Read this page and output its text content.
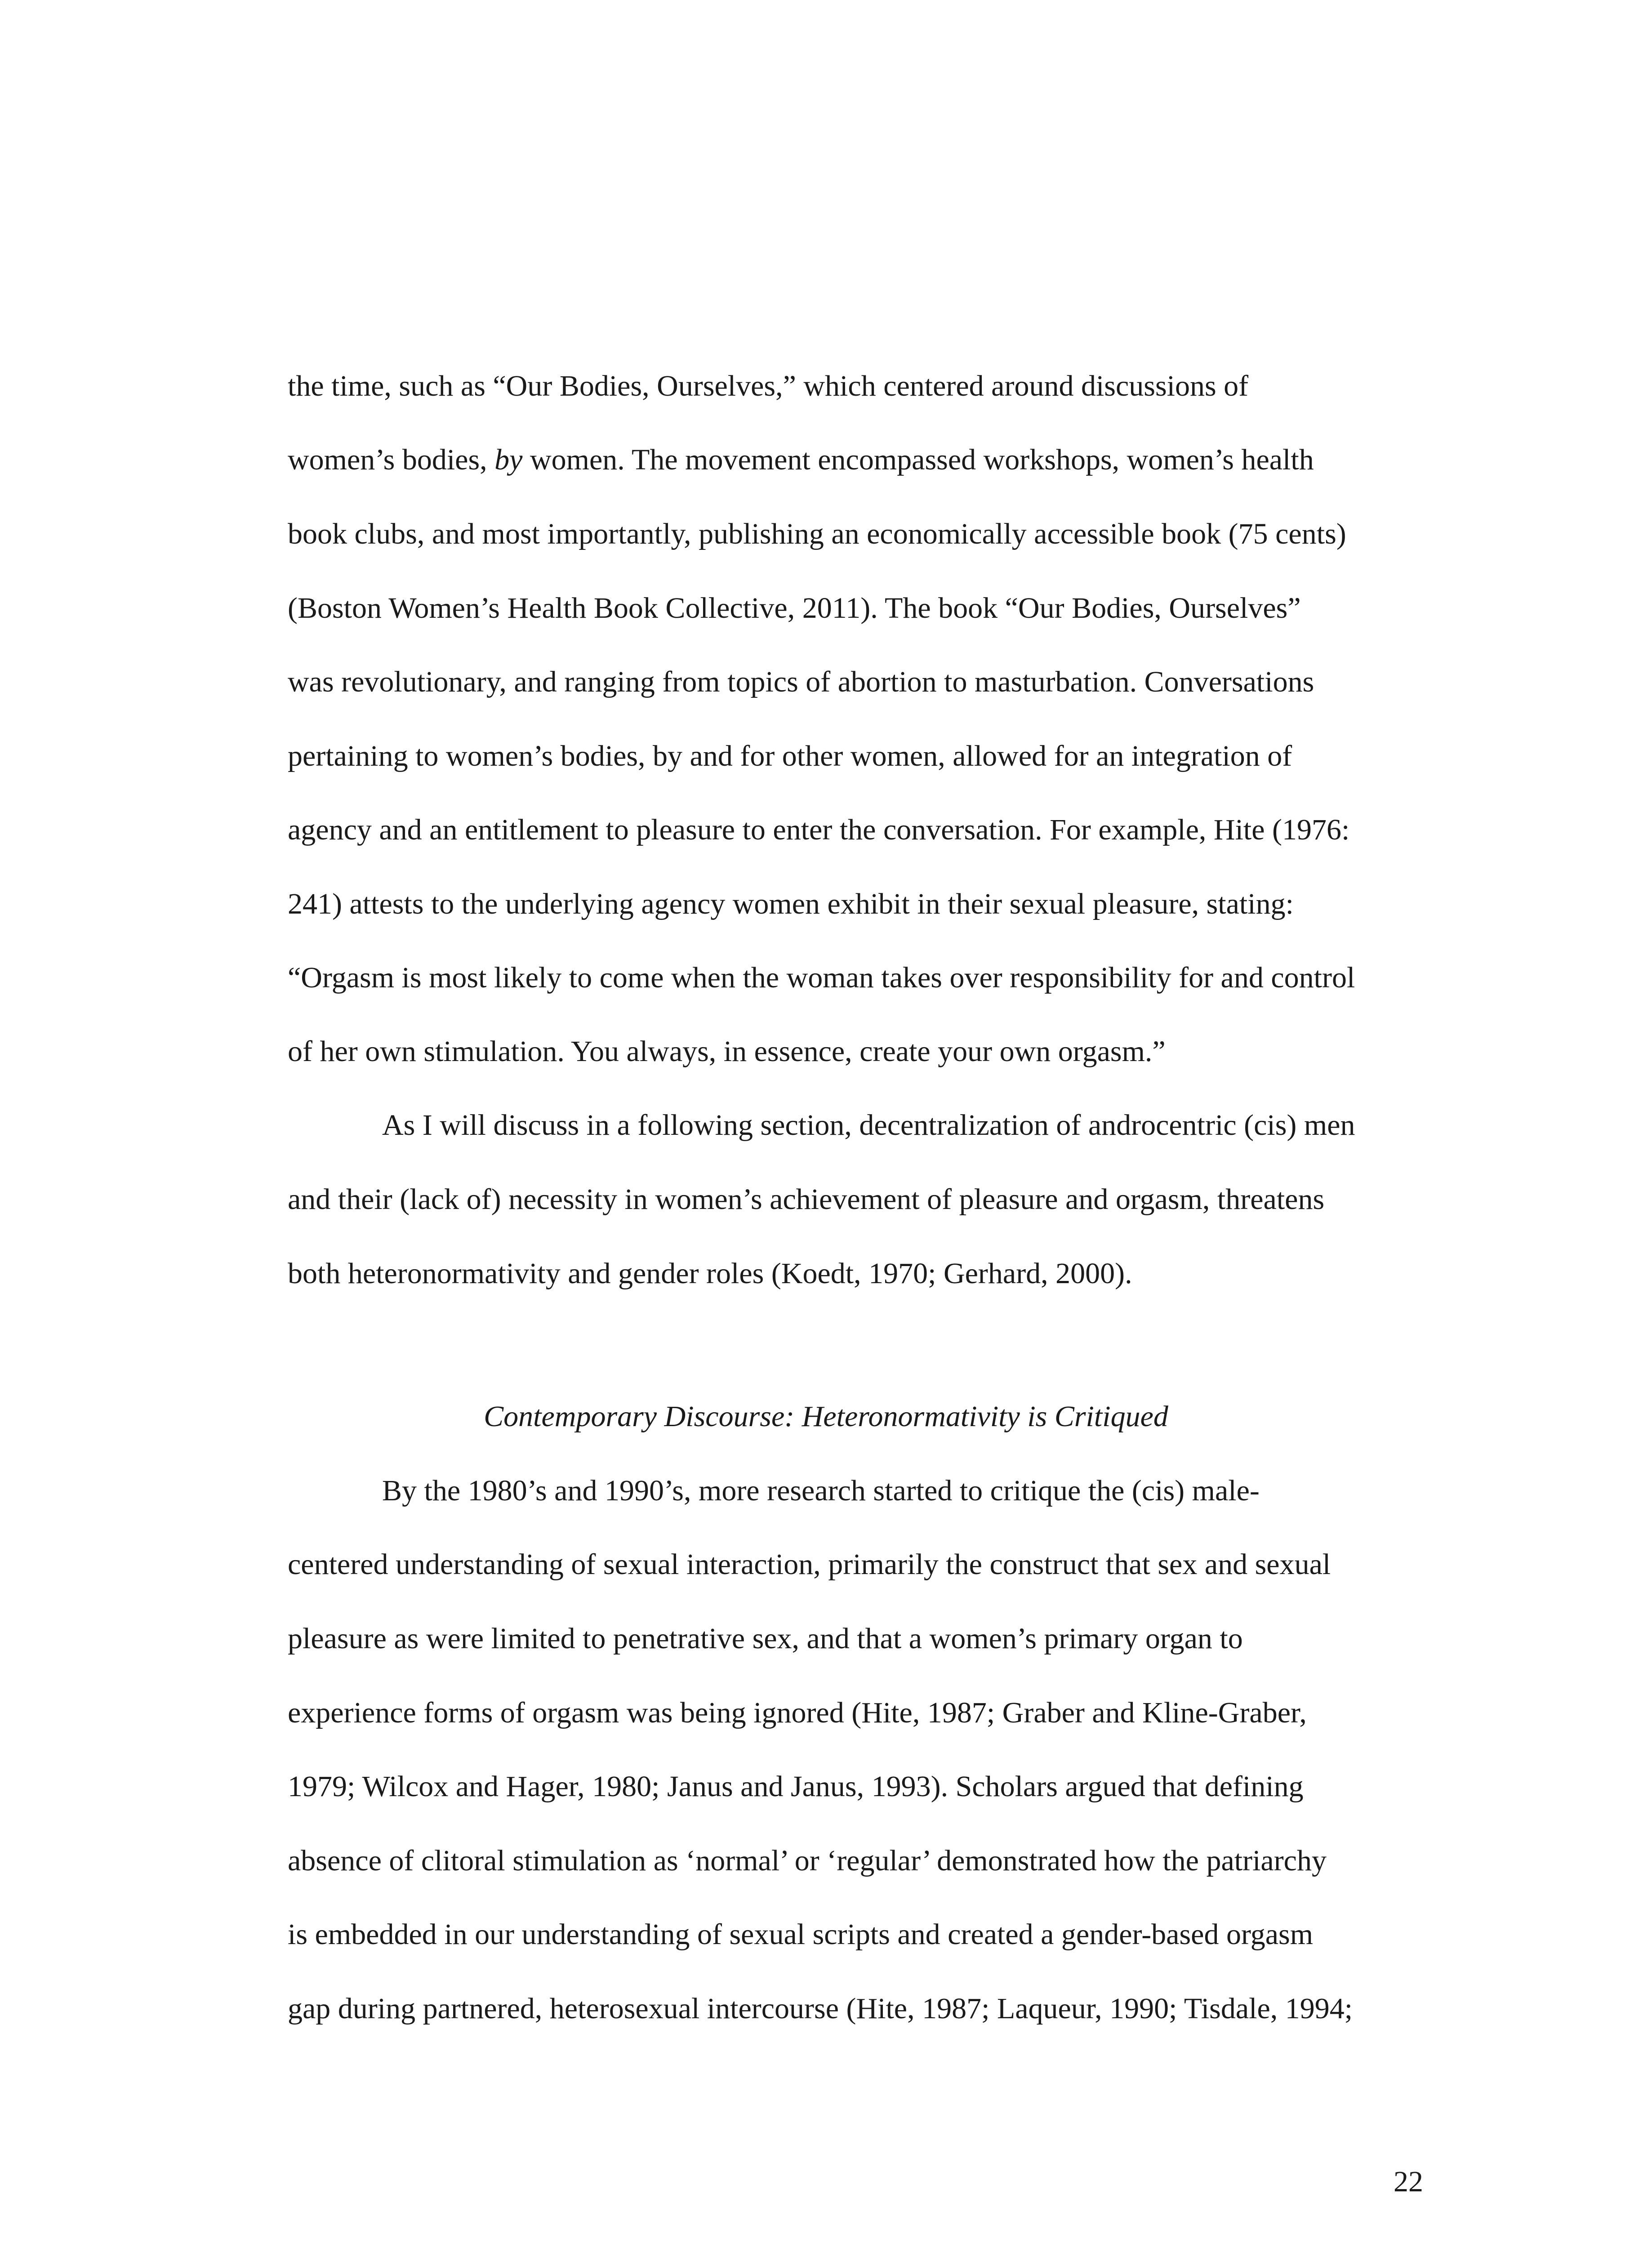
the time, such as “Our Bodies, Ourselves,” which centered around discussions of

women’s bodies, by women. The movement encompassed workshops, women’s health

book clubs, and most importantly, publishing an economically accessible book (75 cents)

(Boston Women’s Health Book Collective, 2011). The book “Our Bodies, Ourselves”

was revolutionary, and ranging from topics of abortion to masturbation. Conversations

pertaining to women’s bodies, by and for other women, allowed for an integration of

agency and an entitlement to pleasure to enter the conversation. For example, Hite (1976:

241) attests to the underlying agency women exhibit in their sexual pleasure, stating:

“Orgasm is most likely to come when the woman takes over responsibility for and control

of her own stimulation. You always, in essence, create your own orgasm.”

As I will discuss in a following section, decentralization of androcentric (cis) men

and their (lack of) necessity in women’s achievement of pleasure and orgasm, threatens

both heteronormativity and gender roles (Koedt, 1970; Gerhard, 2000).

Contemporary Discourse: Heteronormativity is Critiqued

By the 1980’s and 1990’s, more research started to critique the (cis) male-

centered understanding of sexual interaction, primarily the construct that sex and sexual

pleasure as were limited to penetrative sex, and that a women’s primary organ to

experience forms of orgasm was being ignored (Hite, 1987; Graber and Kline-Graber,

1979; Wilcox and Hager, 1980; Janus and Janus, 1993). Scholars argued that defining

absence of clitoral stimulation as ‘normal’ or ‘regular’ demonstrated how the patriarchy

is embedded in our understanding of sexual scripts and created a gender-based orgasm

gap during partnered, heterosexual intercourse (Hite, 1987; Laqueur, 1990; Tisdale, 1994;

22
